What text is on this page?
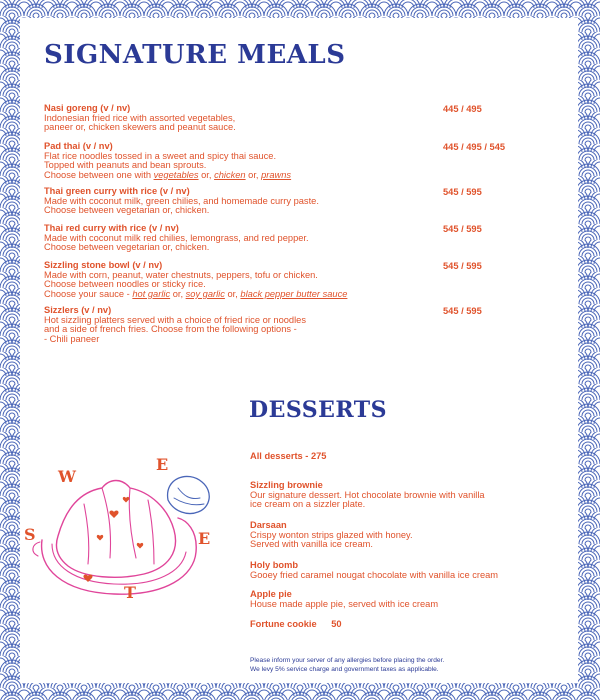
SIGNATURE MEALS
Nasi goreng (v / nv)
Indonesian fried rice with assorted vegetables,
paneer or, chicken skewers and peanut sauce.
445 / 495
Pad thai (v / nv)
Flat rice noodles tossed in a sweet and spicy thai sauce.
Topped with peanuts and bean sprouts.
Choose between one with vegetables or, chicken or, prawns
445 / 495 / 545
Thai green curry with rice (v / nv)
Made with coconut milk, green chilies, and homemade curry paste.
Choose between vegetarian or, chicken.
545 / 595
Thai red curry with rice (v / nv)
Made with coconut milk red chilies, lemongrass, and red pepper.
Choose between vegetarian or, chicken.
545 / 595
Sizzling stone bowl (v / nv)
Made with corn, peanut, water chestnuts, peppers, tofu or chicken.
Choose between noodles or sticky rice.
Choose your sauce - hot garlic or, soy garlic or, black pepper butter sauce
545 / 595
Sizzlers (v / nv)
Hot sizzling platters served with a choice of fried rice or noodles
and a side of french fries. Choose from the following options -
- Chili paneer
545 / 595
DESSERTS
All desserts - 275
Sizzling brownie
Our signature dessert. Hot chocolate brownie with vanilla
ice cream on a sizzler plate.
Darsaan
Crispy wonton strips glazed with honey.
Served with vanilla ice cream.
Holy bomb
Gooey fried caramel nougat chocolate with vanilla ice cream
Apple pie
House made apple pie, served with ice cream
Fortune cookie 50
Please inform your server of any allergies before placing the order.
We levy 5% service charge and government taxes as applicable.
S
W
E
E
T
